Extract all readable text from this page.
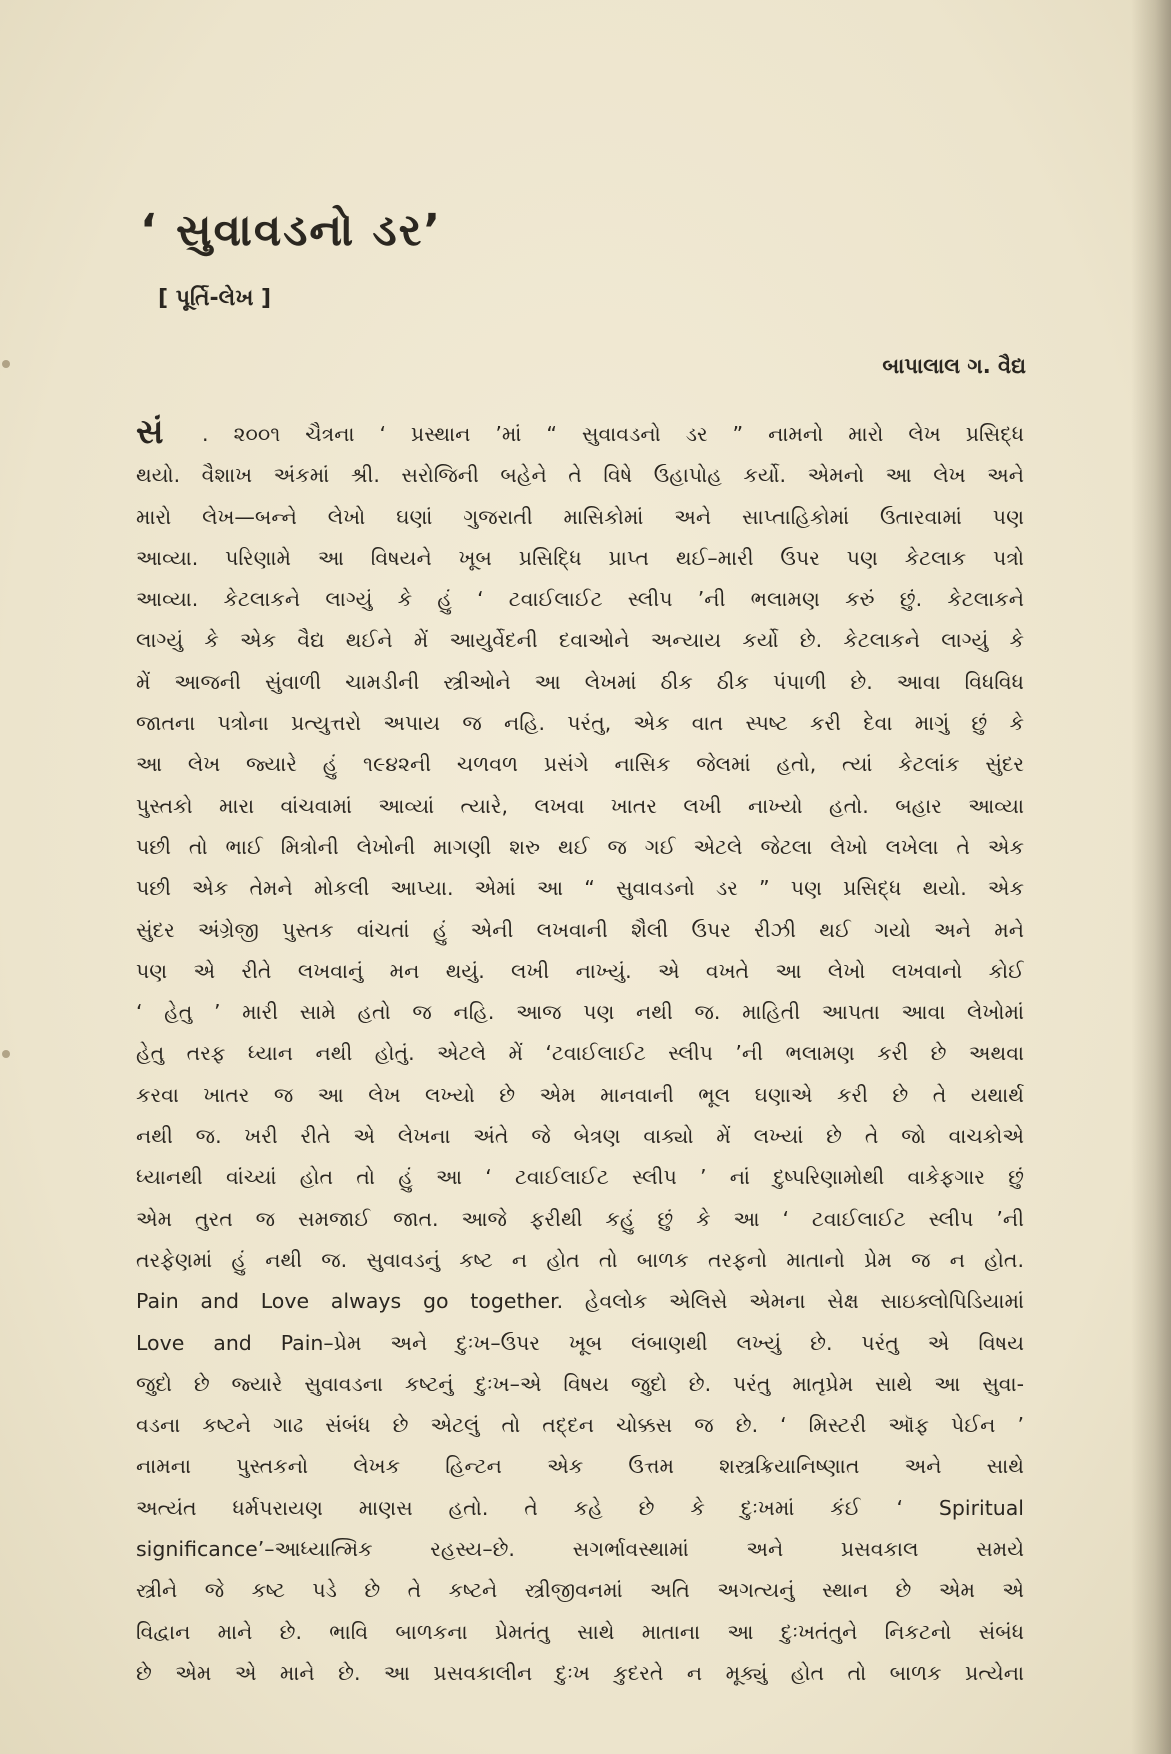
‘ સુવાવડનો ડર’
[ પૂર્તિ-લેખ ]
બાપાલાલ ગ. વૈદ્ય
સં	. ૨૦૦૧ ચૈત્રના ‘ પ્રસ્થાન ’માં “ સુવાવડનો ડર ” નામનો મારો લેખ પ્રસિદ્ધ
થયો. વૈશાખ અંકમાં શ્રી. સરોજિની બહેને તે વિષે ઉહાપોહ કર્યો. એમનો આ લેખ અને
મારો લેખ—બન્ને લેખો ઘણાં ગુજરાતી માસિકોમાં અને સાપ્તાહિકોમાં ઉતારવામાં પણ
આવ્યા. પરિણામે આ વિષયને ખૂબ પ્રસિદ્ધિ પ્રાપ્ત થઈ–મારી ઉપર પણ કેટલાક પત્રો
આવ્યા. કેટલાકને લાગ્યું કે હું ‘ ટવાઈલાઈટ સ્લીપ ’ની ભલામણ કરું છું. કેટલાકને
લાગ્યું કે એક વૈદ્ય થઈને મેં આયુર્વેદની દવાઓને અન્યાય કર્યો છે. કેટલાકને લાગ્યું કે
મેં આજની સુંવાળી ચામડીની સ્ત્રીઓને આ લેખમાં ઠીક ઠીક પંપાળી છે. આવા વિધવિધ
જાતના પત્રોના પ્રત્યુત્તરો અપાય જ નહિ. પરંતુ, એક વાત સ્પષ્ટ કરી દેવા માગું છું કે
આ લેખ જ્યારે હું ૧૯૪૨ની ચળવળ પ્રસંગે નાસિક જેલમાં હતો, ત્યાં કેટલાંક સુંદર
પુસ્તકો મારા વાંચવામાં આવ્યાં ત્યારે, લખવા ખાતર લખી નાખ્યો હતો. બહાર આવ્યા
પછી તો ભાઈ મિત્રોની લેખોની માગણી શરુ થઈ જ ગઈ એટલે જેટલા લેખો લખેલા તે એક
પછી એક તેમને મોકલી આપ્યા. એમાં આ “ સુવાવડનો ડર ” પણ પ્રસિદ્ધ થયો. એક
સુંદર અંગ્રેજી પુસ્તક વાંચતાં હું એની લખવાની શૈલી ઉપર રીઝી થઈ ગયો અને મને
પણ એ રીતે લખવાનું મન થયું. લખી નાખ્યું. એ વખતે આ લેખો લખવાનો કોઈ
‘ હેતુ ’ મારી સામે હતો જ નહિ. આજ પણ નથી જ. માહિતી આપતા આવા લેખોમાં
હેતુ તરફ ધ્યાન નથી હોતું. એટલે મેં ‘ટવાઈલાઈટ સ્લીપ ’ની ભલામણ કરી છે અથવા
કરવા ખાતર જ આ લેખ લખ્યો છે એમ માનવાની ભૂલ ઘણાએ કરી છે તે યથાર્થ
નથી જ. ખરી રીતે એ લેખના અંતે જે બેત્રણ વાક્યો મેં લખ્યાં છે તે જો વાચકોએ
ધ્યાનથી વાંચ્યાં હોત તો હું આ ‘ ટવાઈલાઈટ સ્લીપ ’ નાં દુષ્પરિણામોથી વાકેફગાર છું
એમ તુરત જ સમજાઈ જાત. આજે ફરીથી કહું છું કે આ ‘ ટવાઈલાઈટ સ્લીપ ’ની
તરફેણમાં હું નથી જ. સુવાવડનું કષ્ટ ન હોત તો બાળક તરફનો માતાનો પ્રેમ જ ન હોત.
Pain and Love always go together. હેવલોક એલિસે એમના સેક્ષ સાઇક્લોપિડિયામાં
Love and Pain–પ્રેમ અને દુઃખ–ઉપર ખૂબ લંબાણથી લખ્યું છે. પરંતુ એ વિષય
જુદો છે જ્યારે સુવાવડના કષ્ટનું દુઃખ–એ વિષય જુદો છે. પરંતુ માતૃપ્રેમ સાથે આ સુવા-
વડના કષ્ટને ગાઢ સંબંધ છે એટલું તો તદ્દન ચોક્કસ જ છે. ‘ મિસ્ટરી ઑફ પેઈન ’
નામના પુસ્તકનો લેખક હિન્ટન એક ઉત્તમ શસ્ત્રક્રિયાનિષ્ણાત અને સાથે
અત્યંત ધર્મપરાયણ માણસ હતો. તે કહે છે કે દુઃખમાં કંઈ ‘ Spiritual
significance’–આધ્યાત્મિક રહસ્ય–છે. સગર્ભાવસ્થામાં અને પ્રસવકાલ સમયે
સ્ત્રીને જે કષ્ટ પડે છે તે કષ્ટને સ્ત્રીજીવનમાં અતિ અગત્યનું સ્થાન છે એમ એ
વિદ્વાન માને છે. ભાવિ બાળકના પ્રેમતંતુ સાથે માતાના આ દુઃખતંતુને નિકટનો સંબંધ
છે એમ એ માને છે. આ પ્રસવકાલીન દુઃખ કુદરતે ન મૂક્યું હોત તો બાળક પ્રત્યેના
